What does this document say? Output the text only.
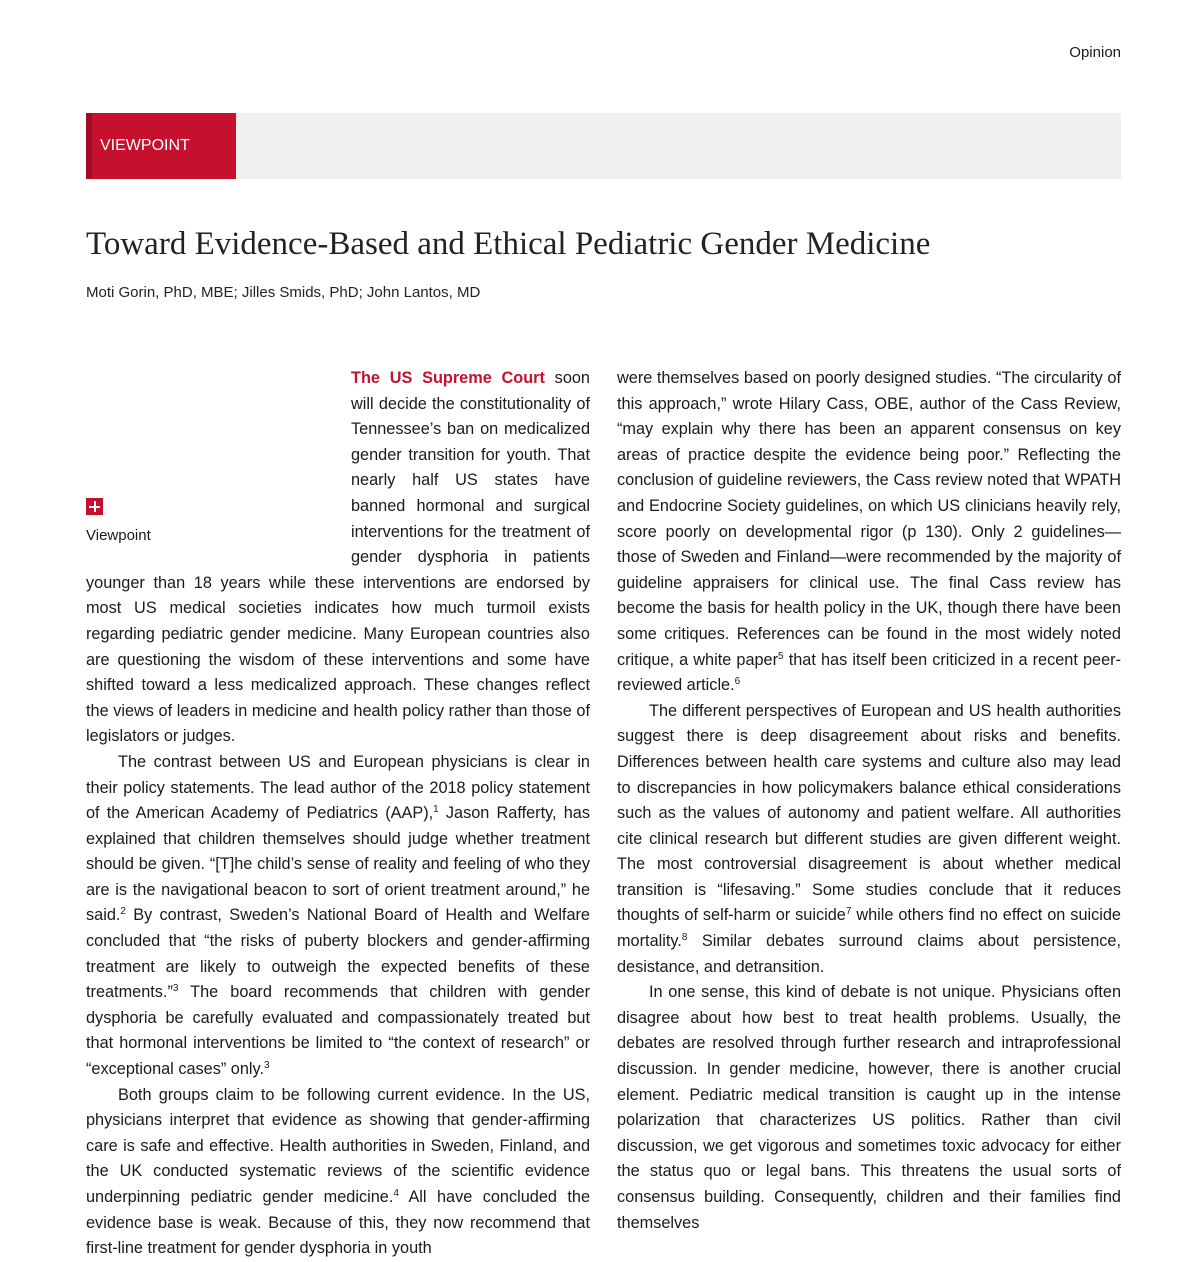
Opinion
VIEWPOINT
Toward Evidence-Based and Ethical Pediatric Gender Medicine
Moti Gorin, PhD, MBE; Jilles Smids, PhD; John Lantos, MD
Viewpoint

The US Supreme Court soon will decide the constitutionality of Tennessee’s ban on medicalized gender transition for youth. That nearly half US states have banned hormonal and surgical interventions for the treatment of gender dysphoria in patients younger than 18 years while these interventions are endorsed by most US medical societies indicates how much turmoil exists regarding pediatric gender medicine. Many European countries also are questioning the wisdom of these interventions and some have shifted toward a less medicalized approach. These changes reflect the views of leaders in medicine and health policy rather than those of legislators or judges.

The contrast between US and European physicians is clear in their policy statements. The lead author of the 2018 policy statement of the American Academy of Pediatrics (AAP),$^1$ Jason Rafferty, has explained that children themselves should judge whether treatment should be given. “[T]he child’s sense of reality and feeling of who they are is the navigational beacon to sort of orient treatment around,” he said.$^2$ By contrast, Sweden’s National Board of Health and Welfare concluded that “the risks of puberty blockers and gender-affirming treatment are likely to outweigh the expected benefits of these treatments.”$^3$ The board recommends that children with gender dysphoria be carefully evaluated and compassionately treated but that hormonal interventions be limited to “the context of research” or “exceptional cases” only.$^3$

Both groups claim to be following current evidence. In the US, physicians interpret that evidence as showing that gender-affirming care is safe and effective. Health authorities in Sweden, Finland, and the UK conducted systematic reviews of the scientific evidence underpinning pediatric gender medicine.$^4$ All have concluded the evidence base is weak. Because of this, they now recommend that first-line treatment for gender dysphoria in youth

were themselves based on poorly designed studies. “The circularity of this approach,” wrote Hilary Cass, OBE, author of the Cass Review, “may explain why there has been an apparent consensus on key areas of practice despite the evidence being poor.” Reflecting the conclusion of guideline reviewers, the Cass review noted that WPATH and Endocrine Society guidelines, on which US clinicians heavily rely, score poorly on developmental rigor (p 130). Only 2 guidelines—those of Sweden and Finland—were recommended by the majority of guideline appraisers for clinical use. The final Cass review has become the basis for health policy in the UK, though there have been some critiques. References can be found in the most widely noted critique, a white paper$^5$ that has itself been criticized in a recent peer-reviewed article.$^6$

The different perspectives of European and US health authorities suggest there is deep disagreement about risks and benefits. Differences between health care systems and culture also may lead to discrepancies in how policymakers balance ethical considerations such as the values of autonomy and patient welfare. All authorities cite clinical research but different studies are given different weight. The most controversial disagreement is about whether medical transition is “lifesaving.” Some studies conclude that it reduces thoughts of self-harm or suicide$^7$ while others find no effect on suicide mortality.$^8$ Similar debates surround claims about persistence, desistance, and detransition.

In one sense, this kind of debate is not unique. Physicians often disagree about how best to treat health problems. Usually, the debates are resolved through further research and intraprofessional discussion. In gender medicine, however, there is another crucial element. Pediatric medical transition is caught up in the intense polarization that characterizes US politics. Rather than civil discussion, we get vigorous and sometimes toxic advocacy for either the status quo or legal bans. This threatens the usual sorts of consensus building. Consequently, children and their families find themselves
